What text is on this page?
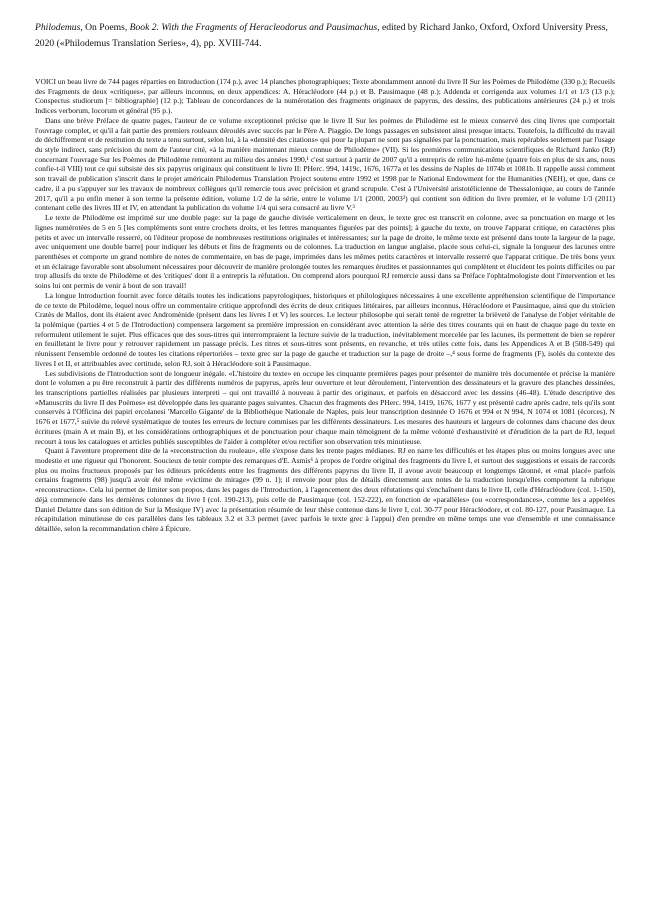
Philodemus, On Poems, Book 2. With the Fragments of Heracleodorus and Pausimachus, edited by Richard Janko, Oxford, Oxford University Press, 2020 («Philodemus Translation Series», 4), pp. XVIII-744.

VOICI un beau livre de 744 pages réparties en Introduction (174 p.), avec 14 planches photographiques; Texte abondamment annoté du livre II Sur les Poèmes de Philodème (330 p.); Recueils des Fragments de deux «critiques», par ailleurs inconnus, en deux appendices: A. Héracléodore (44 p.) et B. Pausimaque (48 p.); Addenda et corrigenda aux volumes 1/1 et 1/3 (13 p.); Conspectus studiorum [= bibliographie] (12 p.); Tableau de concordances de la numérotation des fragments originaux de papyrus, des dessins, des publications antérieures (24 p.) et trois Indices verborum, locorum et général (95 p.).

Dans une brève Préface de quatre pages, l'auteur de ce volume exceptionnel précise que le livre II Sur les poèmes de Philodème est le mieux conservé des cinq livres que comportait l'ouvrage complet, et qu'il a fait partie des premiers rouleaux déroulés avec succès par le Père A. Piaggio. De longs passages en subsistent ainsi presque intacts. Toutefois, la difficulté du travail de déchiffrement et de restitution du texte a tenu surtout, selon lui, à la «densité des citations» qui pour la plupart ne sont pas signalées par la ponctuation, mais repérables seulement par l'usage du style indirect, sans précision du nom de l'auteur cité, «à la manière maintenant mieux connue de Philodème» (VII). Si les premières communications scientifiques de Richard Janko (RJ) concernant l'ouvrage Sur les Poèmes de Philodème remontent au milieu des années 1990,¹ c'est surtout à partir de 2007 qu'il a entrepris de relire lui-même (quatre fois en plus de six ans, nous confie-t-il VIII) tout ce qui subsiste des six papyrus originaux qui constituent le livre II: PHerc. 994, 1419c, 1676, 1677a et les dessins de Naples de 1074b et 1081b. Il rappelle aussi comment son travail de publication s'inscrit dans le projet américain Philodemus Translation Project soutenu entre 1992 et 1998 par le National Endowment for the Humanities (NEH), et que, dans ce cadre, il a pu s'appuyer sur les travaux de nombreux collègues qu'il remercie tous avec précision et grand scrupule. C'est à l'Université aristotélicienne de Thessalonique, au cours de l'année 2017, qu'il a pu enfin mener à son terme la présente édition, volume 1/2 de la série, entre le volume 1/1 (2000, 2003²) qui contient son édition du livre premier, et le volume 1/3 (2011) contenant celle des livres III et IV, en attendant la publication du volume 1/4 qui sera consacré au livre V.³

Le texte de Philodème est imprimé sur une double page: sur la page de gauche divisée verticalement en deux, le texte grec est transcrit en colonne, avec sa ponctuation en marge et les lignes numérotées de 5 en 5 [les compléments sont entre crochets droits, et les lettres manquantes figurées par des points]; à gauche du texte, on trouve l'apparat critique, en caractères plus petits et avec un intervalle resserré, où l'éditeur propose de nombreuses restitutions originales et intéressantes; sur la page de droite, le même texte est présenté dans toute la largeur de la page, avec uniquement une double barre|| pour indiquer les débuts et fins de fragments ou de colonnes. La traduction en langue anglaise, placée sous celui-ci, signale la longueur des lacunes entre parenthèses et comporte un grand nombre de notes de commentaire, en bas de page, imprimées dans les mêmes petits caractères et intervalle resserré que l'apparat critique. De très bons yeux et un éclairage favorable sont absolument nécessaires pour découvrir de manière prolongée toutes les remarques érudites et passionnantes qui complètent et élucident les points difficiles ou par trop allusifs du texte de Philodème et des 'critiques' dont il a entrepris la réfutation. On comprend alors pourquoi RJ remercie aussi dans sa Préface l'ophtalmologiste dont l'intervention et les soins lui ont permis de venir à bout de son travail!

La longue Introduction fournit avec force détails toutes les indications papyrologiques, historiques et philologiques nécessaires à une excellente appréhension scientifique de l'importance de ce texte de Philodème, lequel nous offre un commentaire critique approfondi des écrits de deux critiques littéraires, par ailleurs inconnus, Héracléodore et Pausimaque, ainsi que du stoïcien Cratès de Mallos, dont ils étaient avec Andromènide (présent dans les livres I et V) les sources. Le lecteur philosophe qui serait tenté de regretter la brièveté de l'analyse de l'objet véritable de la polémique (parties 4 et 5 de l'Introduction) compensera largement sa première impression en considérant avec attention la série des titres courants qui en haut de chaque page du texte en reformulent utilement le sujet. Plus efficaces que des sous-titres qui interrompraient la lecture suivie de la traduction, inévitablement morcelée par les lacunes, ils permettent de bien se repérer en feuilletant le livre pour y retrouver rapidement un passage précis. Les titres et sous-titres sont présents, en revanche, et très utiles cette fois, dans les Appendices A et B (508-549) qui réunissent l'ensemble ordonné de toutes les citations répertoriées – texte grec sur la page de gauche et traduction sur la page de droite –,⁴ sous forme de fragments (F), isolés du contexte des livres I et II, et attribuables avec certitude, selon RJ, soit à Héracléodore soit à Pausimaque.

Les subdivisions de l'Introduction sont de longueur inégale. «L'histoire du texte» en occupe les cinquante premières pages pour présenter de manière très documentée et précise la manière dont le volumen a pu être reconstruit à partir des différents numéros de papyrus, après leur ouverture et leur déroulement, l'intervention des dessinateurs et la gravure des planches dessinées, les transcriptions partielles réalisées par plusieurs interpreti – qui ont travaillé à nouveau à partir des originaux, et parfois en désaccord avec les dessins (46-48). L'étude descriptive des «Manuscrits du livre II des Poèmes» est développée dans les quarante pages suivantes. Chacun des fragments des PHerc. 994, 1419, 1676, 1677 y est présenté cadre après cadre, tels qu'ils sont conservés à l'Officina dei papiri ercolanesi 'Marcello Gigante' de la Bibliothèque Nationale de Naples, puis leur transcription desinnée O 1676 et 994 et N 994, N 1074 et 1081 (écorces), N 1676 et 1677,⁵ suivie du relevé systématique de toutes les erreurs de lecture commises par les différents dessinateurs. Les mesures des hauteurs et largeurs de colonnes dans chacune des deux écritures (main A et main B), et les considérations orthographiques et de ponctuation pour chaque main témoignent de la même volonté d'exhaustivité et d'érudition de la part de RJ, lequel recourt à tous les catalogues et articles publiés susceptibles de l'aider à compléter et/ou rectifier son observation très minutieuse.

Quant à l'aventure proprement dite de la «reconstruction du rouleau», elle s'expose dans les trente pages médianes. RJ en narre les difficultés et les étapes plus ou moins longues avec une modestie et une rigueur qui l'honorent. Soucieux de tenir compte des remarques d'E. Asmis⁶ à propos de l'ordre original des fragments du livre I, et surtout des suggestions et essais de raccords plus ou moins fructueux proposés par les éditeurs précédents entre les fragments des différents papyrus du livre II, il avoue avoir beaucoup et longtemps tâtonné, et «mal placé» parfois certains fragments (98) jusqu'à avoir été même «victime de mirage» (99 n. 1); il renvoie pour plus de détails directement aux notes de la traduction lorsqu'elles comportent la rubrique «reconstruction». Cela lui permet de limiter son propos, dans les pages de l'Introduction, à l'agencement des deux réfutations qui s'enchaînent dans le livre II, celle d'Héracléodore (col. 1-150), déjà commencée dans les dernières colonnes du livre I (col. 190-213), puis celle de Pausimaque (col. 152-222), en fonction de «parallèles» (ou «correspondances», comme les a appelées Daniel Delattre dans son édition de Sur la Musique IV) avec la présentation résumée de leur thèse contenue dans le livre I, col. 30-77 pour Héracléodore, et col. 80-127, pour Pausimaque. La récapitulation minutieuse de ces parallèles dans les tableaux 3.2 et 3.3 permet (avec parfois le texte grec à l'appui) d'en prendre en même temps une vue d'ensemble et une connaissance détaillée, selon la recommandation chère à Épicure.
